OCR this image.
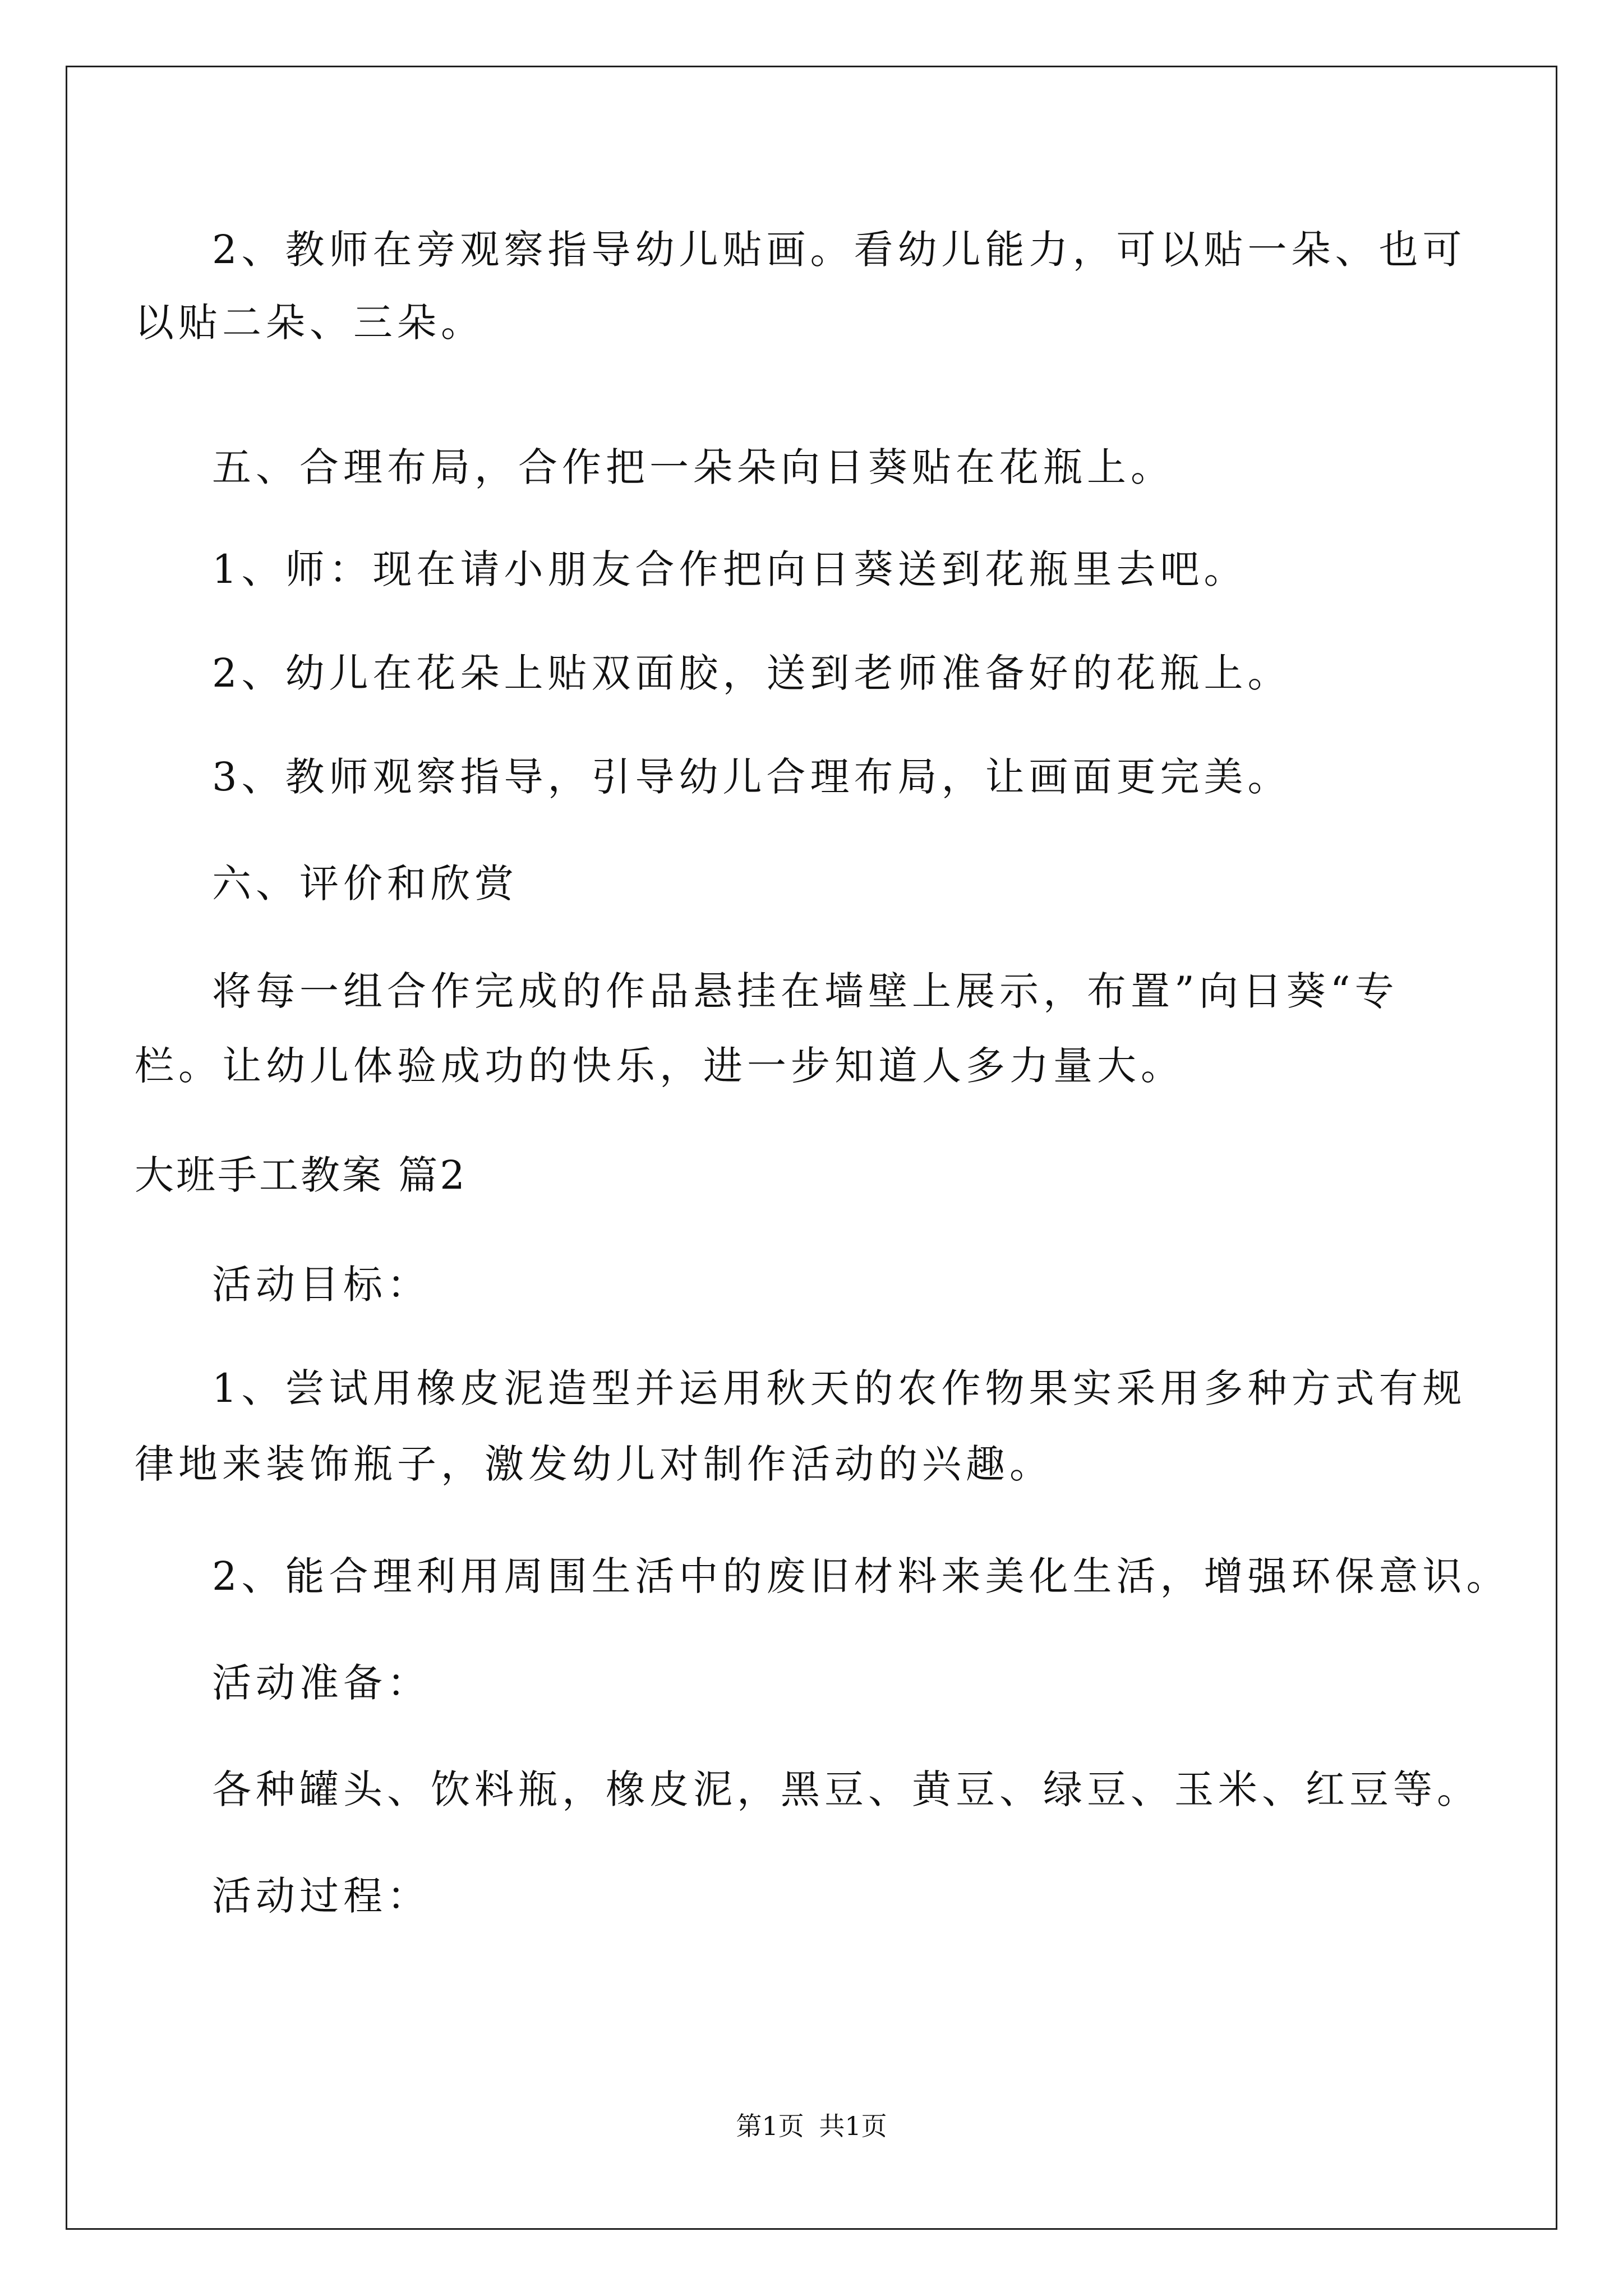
2、教师在旁观察指导幼儿贴画。看幼儿能力，可以贴一朵、也可
以贴二朵、三朵。
五、合理布局，合作把一朵朵向日葵贴在花瓶上。
1、师：现在请小朋友合作把向日葵送到花瓶里去吧。
2、幼儿在花朵上贴双面胶，送到老师准备好的花瓶上。
3、教师观察指导，引导幼儿合理布局，让画面更完美。
六、评价和欣赏
将每一组合作完成的作品悬挂在墙壁上展示，布置”向日葵“专
栏。让幼儿体验成功的快乐，进一步知道人多力量大。
大班手工教案 篇2
活动目标：
1、尝试用橡皮泥造型并运用秋天的农作物果实采用多种方式有规
律地来装饰瓶子，激发幼儿对制作活动的兴趣。
2、能合理利用周围生活中的废旧材料来美化生活，增强环保意识。
活动准备：
各种罐头、饮料瓶，橡皮泥，黑豆、黄豆、绿豆、玉米、红豆等。
活动过程：
第1页 共1页
